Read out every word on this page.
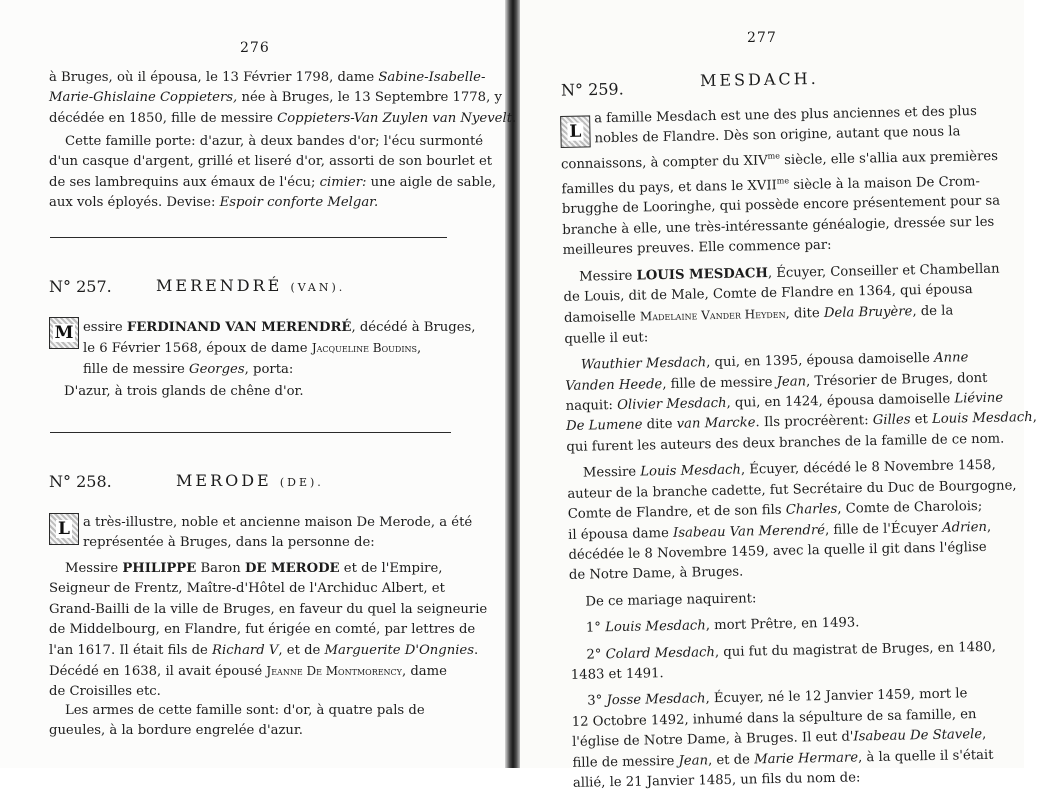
276
à Bruges, où il épousa, le 13 Février 1798, dame Sabine-Isabelle-
Marie-Ghislaine Coppieters, née à Bruges, le 13 Septembre 1778, y
décédée en 1850, fille de messire Coppieters-Van Zuylen van Nyevelt.
Cette famille porte: d'azur, à deux bandes d'or; l'écu surmonté
d'un casque d'argent, grillé et liseré d'or, assorti de son bourlet et
de ses lambrequins aux émaux de l'écu; cimier: une aigle de sable,
aux vols éployés. Devise: Espoir conforte Melgar.
N° 257.	MERENDRÉ (VAN).
M essire FERDINAND VAN MERENDRÉ, décédé à Bruges,
le 6 Février 1568, époux de dame Jacqueline Boudins,
fille de messire Georges, porta:
D'azur, à trois glands de chêne d'or.
N° 258.	MERODE (DE).
L a très-illustre, noble et ancienne maison De Merode, a été
représentée à Bruges, dans la personne de:
Messire PHILIPPE Baron DE MERODE et de l'Empire,
Seigneur de Frentz, Maître-d'Hôtel de l'Archiduc Albert, et
Grand-Bailli de la ville de Bruges, en faveur du quel la seigneurie
de Middelbourg, en Flandre, fut érigée en comté, par lettres de
l'an 1617. Il était fils de Richard V, et de Marguerite D'Ongnies.
Décédé en 1638, il avait épousé Jeanne De Montmorency, dame
de Croisilles etc.
Les armes de cette famille sont: d'or, à quatre pals de
gueules, à la bordure engrelée d'azur.
277
N° 259.	MESDACH.
L
a famille Mesdach est une des plus anciennes et des plus
nobles de Flandre. Dès son origine, autant que nous la
connaissons, à compter du $XIV^{me}$ siècle, elle s'allia aux premières
familles du pays, et dans le $XVII^{me}$ siècle à la maison De Crom-
brugghe de Looringhe, qui possède encore présentement pour sa
branche à elle, une très-intéressante généalogie, dressée sur les
meilleures preuves. Elle commence par:
Messire LOUIS MESDACH, Écuyer, Conseiller et Chambellan
de Louis, dit de Male, Comte de Flandre en 1364, qui épousa
damoiselle Madelaine Vander Heyden, dite Dela Bruyère, de la
quelle il eut:
Wauthier Mesdach, qui, en 1395, épousa damoiselle Anne
Vanden Heede, fille de messire Jean, Trésorier de Bruges, dont
naquit: Olivier Mesdach, qui, en 1424, épousa damoiselle Liévine
De Lumene dite van Marcke. Ils procréèrent: Gilles et Louis Mesdach,
qui furent les auteurs des deux branches de la famille de ce nom.
Messire Louis Mesdach, Écuyer, décédé le 8 Novembre 1458,
auteur de la branche cadette, fut Secrétaire du Duc de Bourgogne,
Comte de Flandre, et de son fils Charles, Comte de Charolois;
il épousa dame Isabeau Van Merendré, fille de l'Écuyer Adrien,
décédée le 8 Novembre 1459, avec la quelle il git dans l'église
de Notre Dame, à Bruges.
De ce mariage naquirent:
1° Louis Mesdach, mort Prêtre, en 1493.
2° Colard Mesdach, qui fut du magistrat de Bruges, en 1480,
1483 et 1491.
3° Josse Mesdach, Écuyer, né le 12 Janvier 1459, mort le
12 Octobre 1492, inhumé dans la sépulture de sa famille, en
l'église de Notre Dame, à Bruges. Il eut d'Isabeau De Stavele,
fille de messire Jean, et de Marie Hermare, à la quelle il s'était
allié, le 21 Janvier 1485, un fils du nom de:
